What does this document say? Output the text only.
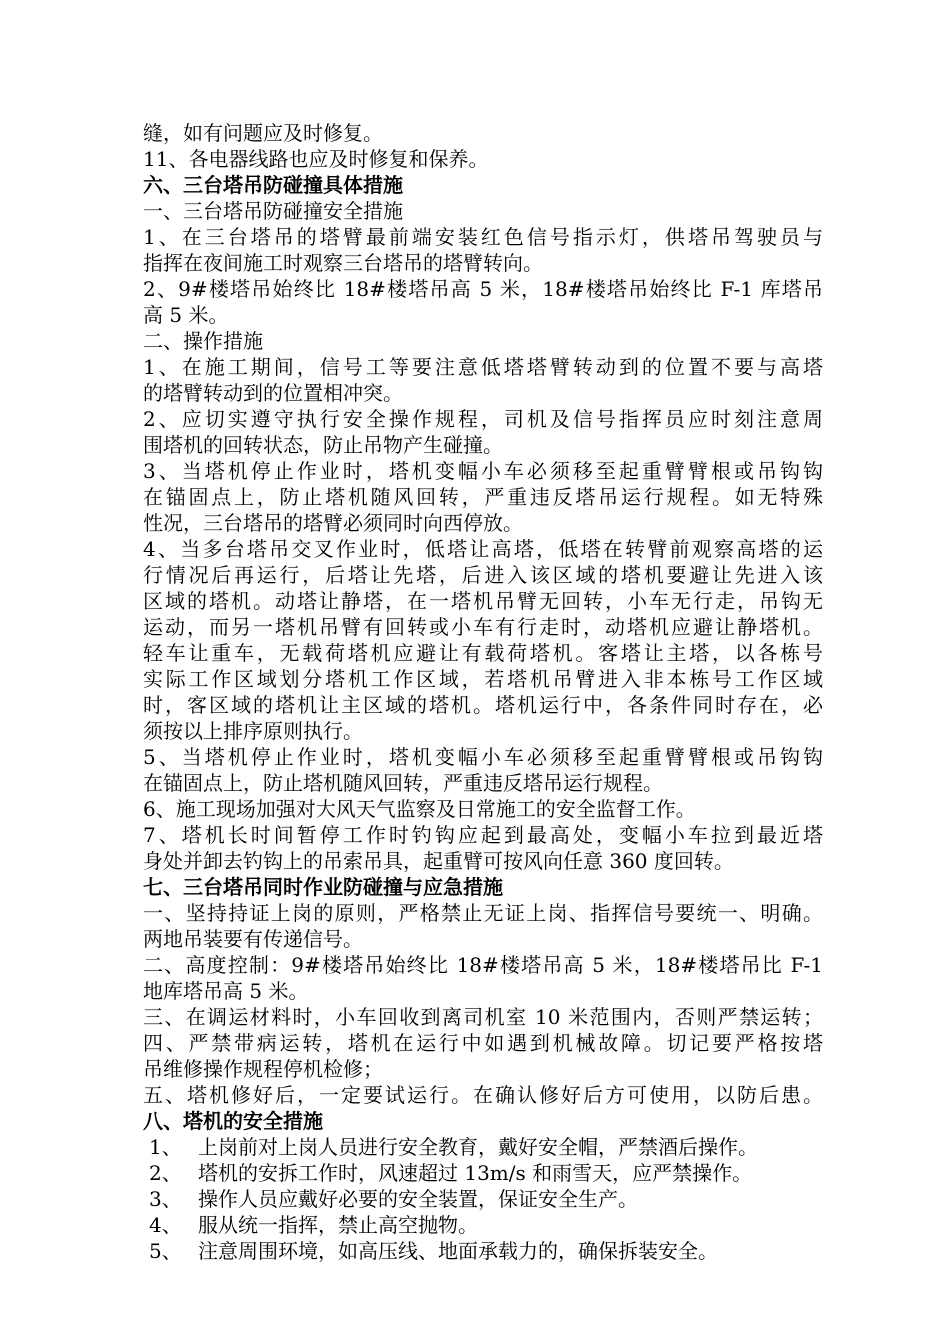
缝，如有问题应及时修复。
11、各电器线路也应及时修复和保养。
六、三台塔吊防碰撞具体措施
一、三台塔吊防碰撞安全措施
1、在三台塔吊的塔臂最前端安装红色信号指示灯，供塔吊驾驶员与
指挥在夜间施工时观察三台塔吊的塔臂转向。
2、9#楼塔吊始终比 18#楼塔吊高 5 米，18#楼塔吊始终比 F-1 库塔吊
高 5 米。
二、操作措施
1、在施工期间，信号工等要注意低塔塔臂转动到的位置不要与高塔
的塔臂转动到的位置相冲突。
2、应切实遵守执行安全操作规程，司机及信号指挥员应时刻注意周
围塔机的回转状态，防止吊物产生碰撞。
3、当塔机停止作业时，塔机变幅小车必须移至起重臂臂根或吊钩钩
在锚固点上，防止塔机随风回转，严重违反塔吊运行规程。如无特殊
性况，三台塔吊的塔臂必须同时向西停放。
4、当多台塔吊交叉作业时，低塔让高塔，低塔在转臂前观察高塔的运
行情况后再运行，后塔让先塔，后进入该区域的塔机要避让先进入该
区域的塔机。动塔让静塔，在一塔机吊臂无回转，小车无行走，吊钩无
运动，而另一塔机吊臂有回转或小车有行走时，动塔机应避让静塔机。
轻车让重车，无载荷塔机应避让有载荷塔机。客塔让主塔，以各栋号
实际工作区域划分塔机工作区域，若塔机吊臂进入非本栋号工作区域
时，客区域的塔机让主区域的塔机。塔机运行中，各条件同时存在，必
须按以上排序原则执行。
5、当塔机停止作业时，塔机变幅小车必须移至起重臂臂根或吊钩钩
在锚固点上，防止塔机随风回转，严重违反塔吊运行规程。
6、施工现场加强对大风天气监察及日常施工的安全监督工作。
7、塔机长时间暂停工作时钓钩应起到最高处，变幅小车拉到最近塔
身处并卸去钓钩上的吊索吊具，起重臂可按风向任意 360 度回转。
七、三台塔吊同时作业防碰撞与应急措施
一、坚持持证上岗的原则，严格禁止无证上岗、指挥信号要统一、明确。
两地吊装要有传递信号。
二、高度控制：9#楼塔吊始终比 18#楼塔吊高 5 米，18#楼塔吊比 F-1
地库塔吊高 5 米。
三、在调运材料时，小车回收到离司机室 10 米范围内，否则严禁运转；
四、严禁带病运转，塔机在运行中如遇到机械故障。切记要严格按塔
吊维修操作规程停机检修；
五、塔机修好后，一定要试运行。在确认修好后方可使用，以防后患。
八、塔机的安全措施
1、 上岗前对上岗人员进行安全教育，戴好安全帽，严禁酒后操作。
2、 塔机的安拆工作时，风速超过 13m/s 和雨雪天，应严禁操作。
3、 操作人员应戴好必要的安全装置，保证安全生产。
4、 服从统一指挥，禁止高空抛物。
5、 注意周围环境，如高压线、地面承载力的，确保拆装安全。
